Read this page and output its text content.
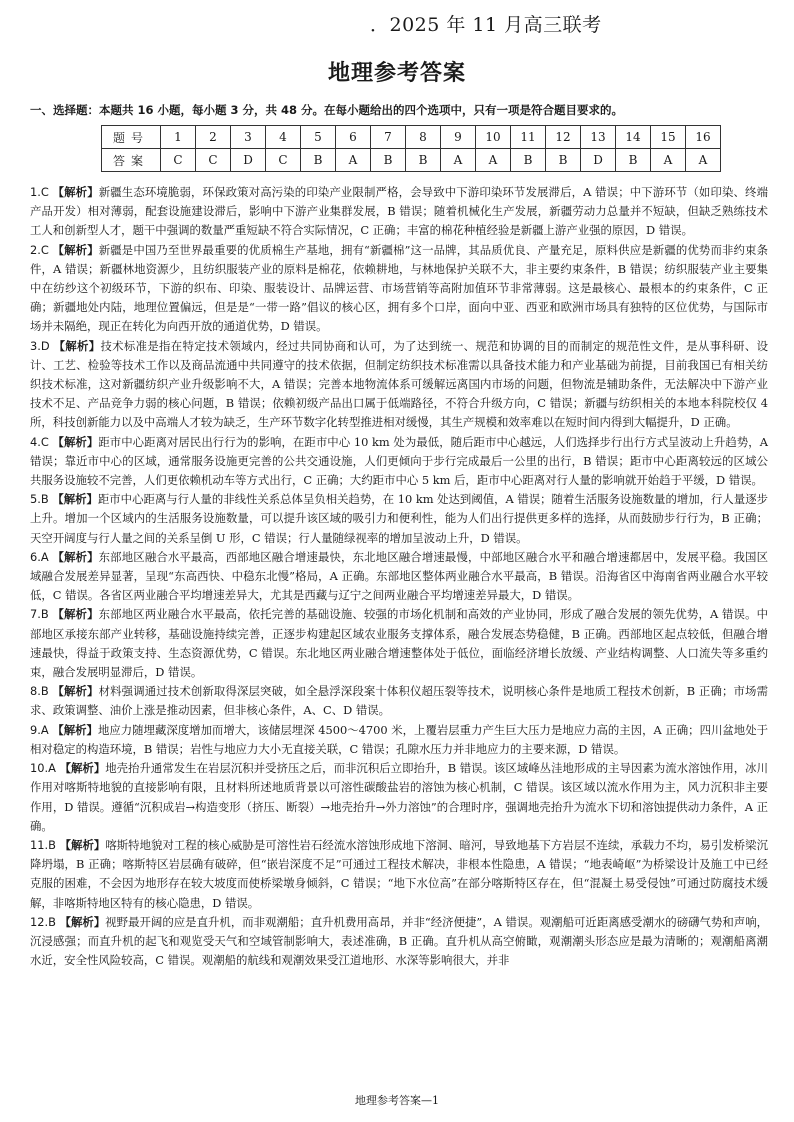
．2025 年 11 月高三联考
地理参考答案
一、选择题：本题共 16 小题，每小题 3 分，共 48 分。在每小题给出的四个选项中，只有一项是符合题目要求的。
题号	1	2	3	4	5	6	7	8	9	10	11	12	13	14	15	16
答案	C	C	D	C	B	A	B	B	A	A	B	B	D	B	A	A
1.C 【解析】新疆生态环境脆弱，环保政策对高污染的印染产业限制严格，会导致中下游印染环节发展滞后，A 错误；中下游环节（如印染、终端产品开发）相对薄弱，配套设施建设滞后，影响中下游产业集群发展，B 错误；随着机械化生产发展，新疆劳动力总量并不短缺，但缺乏熟练技术工人和创新型人才，题干中强调的数量严重短缺不符合实际情况，C 正确；丰富的棉花种植经验是新疆上游产业强的原因，D 错误。
2.C 【解析】新疆是中国乃至世界最重要的优质棉生产基地，拥有“新疆棉”这一品牌，其品质优良、产量充足，原料供应是新疆的优势而非约束条件，A 错误；新疆林地资源少，且纺织服装产业的原料是棉花，依赖耕地，与林地保护关联不大，非主要约束条件，B 错误；纺织服装产业主要集中在纺纱这个初级环节，下游的织布、印染、服装设计、品牌运营、市场营销等高附加值环节非常薄弱。这是最核心、最根本的约束条件，C 正确；新疆地处内陆，地理位置偏远，但是是“一带一路”倡议的核心区，拥有多个口岸，面向中亚、西亚和欧洲市场具有独特的区位优势，与国际市场并未隔绝，现正在转化为向西开放的通道优势，D 错误。
3.D 【解析】技术标准是指在特定技术领域内，经过共同协商和认可，为了达到统一、规范和协调的目的而制定的规范性文件，是从事科研、设计、工艺、检验等技术工作以及商品流通中共同遵守的技术依据，但制定纺织技术标准需以具备技术能力和产业基础为前提，目前我国已有相关纺织技术标准，这对新疆纺织产业升级影响不大，A 错误；完善本地物流体系可缓解远离国内市场的问题，但物流是辅助条件，无法解决中下游产业技术不足、产品竞争力弱的核心问题，B 错误；依赖初级产品出口属于低端路径，不符合升级方向，C 错误；新疆与纺织相关的本地本科院校仅 4 所，科技创新能力以及中高端人才较为缺乏，生产环节数字化转型推进相对缓慢，其生产规模和效率难以在短时间内得到大幅提升，D 正确。
4.C 【解析】距市中心距离对居民出行行为的影响，在距市中心 10 km 处为最低，随后距市中心越远，人们选择步行出行方式呈波动上升趋势，A 错误；靠近市中心的区域，通常服务设施更完善的公共交通设施，人们更倾向于步行完成最后一公里的出行，B 错误；距市中心距离较远的区域公共服务设施较不完善，人们更依赖机动车等方式出行，C 正确；大约距市中心 5 km 后，距市中心距离对行人量的影响就开始趋于平缓，D 错误。
5.B 【解析】距市中心距离与行人量的非线性关系总体呈负相关趋势，在 10 km 处达到阈值，A 错误；随着生活服务设施数量的增加，行人量逐步上升。增加一个区域内的生活服务设施数量，可以提升该区域的吸引力和便利性，能为人们出行提供更多样的选择，从而鼓励步行行为，B 正确；天空开阔度与行人量之间的关系呈倒 U 形，C 错误；行人量随绿视率的增加呈波动上升，D 错误。
6.A 【解析】东部地区融合水平最高，西部地区融合增速最快，东北地区融合增速最慢，中部地区融合水平和融合增速都居中，发展平稳。我国区域融合发展差异显著，呈现“东高西快、中稳东北慢”格局，A 正确。东部地区整体两业融合水平最高，B 错误。沿海省区中海南省两业融合水平较低，C 错误。各省区两业融合平均增速差异大，尤其是西藏与辽宁之间两业融合平均增速差异最大，D 错误。
7.B 【解析】东部地区两业融合水平最高，依托完善的基础设施、较强的市场化机制和高效的产业协同，形成了融合发展的领先优势，A 错误。中部地区承接东部产业转移，基础设施持续完善，正逐步构建起区域农业服务支撑体系，融合发展态势稳健，B 正确。西部地区起点较低，但融合增速最快，得益于政策支持、生态资源优势，C 错误。东北地区两业融合增速整体处于低位，面临经济增长放缓、产业结构调整、人口流失等多重约束，融合发展明显滞后，D 错误。
8.B 【解析】材料强调通过技术创新取得深层突破，如全悬浮深段案十体积仪超压裂等技术，说明核心条件是地质工程技术创新，B 正确；市场需求、政策调整、油价上涨是推动因素，但非核心条件，A、C、D 错误。
9.A 【解析】地应力随埋藏深度增加而增大，该储层埋深 4500～4700 米，上覆岩层重力产生巨大压力是地应力高的主因，A 正确；四川盆地处于相对稳定的构造环境，B 错误；岩性与地应力大小无直接关联，C 错误；孔隙水压力并非地应力的主要来源，D 错误。
10.A 【解析】地壳抬升通常发生在岩层沉积并受挤压之后，而非沉积后立即抬升，B 错误。该区域峰丛洼地形成的主导因素为流水溶蚀作用，冰川作用对喀斯特地貌的直接影响有限，且材料所述地质背景以可溶性碳酸盐岩的溶蚀为核心机制，C 错误。该区域以流水作用为主，风力沉积非主要作用，D 错误。遵循“沉积成岩→构造变形（挤压、断裂）→地壳抬升→外力溶蚀”的合理时序，强调地壳抬升为流水下切和溶蚀提供动力条件，A 正确。
11.B 【解析】喀斯特地貌对工程的核心威胁是可溶性岩石经流水溶蚀形成地下溶洞、暗河，导致地基下方岩层不连续，承载力不均，易引发桥梁沉降坍塌，B 正确；喀斯特区岩层确有破碎，但“嵌岩深度不足”可通过工程技术解决，非根本性隐患，A 错误；“地表崎岖”为桥梁设计及施工中已经克服的困难，不会因为地形存在较大坡度而使桥梁墩身倾斜，C 错误；“地下水位高”在部分喀斯特区存在，但“混凝土易受侵蚀”可通过防腐技术缓解，非喀斯特地区特有的核心隐患，D 错误。
12.B 【解析】视野最开阔的应是直升机，而非观潮船；直升机费用高昂，并非“经济便捷”，A 错误。观潮船可近距离感受潮水的磅礴气势和声响，沉浸感强；而直升机的起飞和观览受天气和空域管制影响大，表述准确，B 正确。直升机从高空俯瞰，观潮潮头形态应是最为清晰的；观潮船离潮水近，安全性风险较高，C 错误。观潮船的航线和观潮效果受江道地形、水深等影响很大，并非
地理参考答案—1
